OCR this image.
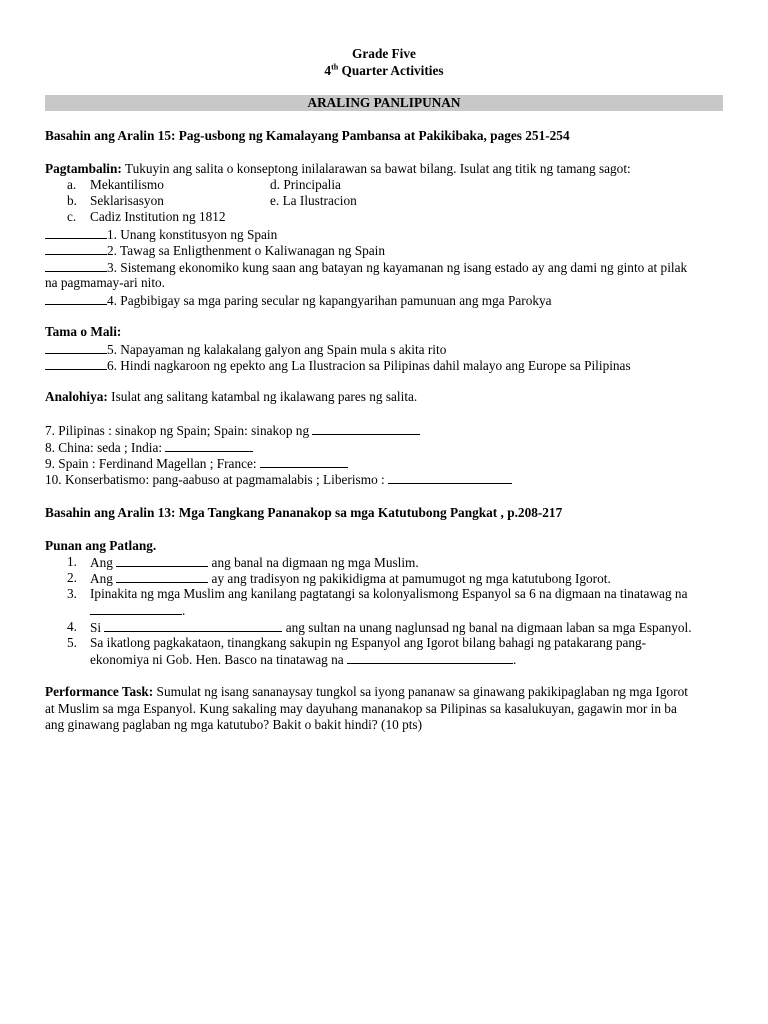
Grade Five
4th Quarter Activities
ARALING PANLIPUNAN
Basahin ang Aralin 15: Pag-usbong ng Kamalayang Pambansa at Pakikibaka, pages 251-254
Pagtambalin: Tukuyin ang salita o konseptong inilalarawan sa bawat bilang. Isulat ang titik ng tamang sagot:
a. Mekantilismo	d. Principalia
b. Seklarisasyon	e. La Ilustracion
c. Cadiz Institution ng 1812
1. Unang konstitusyon ng Spain
2. Tawag sa Enligthenment o Kaliwanagan ng Spain
3. Sistemang ekonomiko kung saan ang batayan ng kayamanan ng isang estado ay ang dami ng ginto at pilak
na pagmamay-ari nito.
4. Pagbibigay sa mga paring secular ng kapangyarihan pamunuan ang mga Parokya
Tama o Mali:
5. Napayaman ng kalakalang galyon ang Spain mula s akita rito
6. Hindi nagkaroon ng epekto ang La Ilustracion sa Pilipinas dahil malayo ang Europe sa Pilipinas
Analohiya: Isulat ang salitang katambal ng ikalawang pares ng salita.
7. Pilipinas : sinakop ng Spain; Spain: sinakop ng
8. China: seda ; India:
9. Spain : Ferdinand Magellan ; France:
10. Konserbatismo: pang-aabuso at pagmamalabis ; Liberismo :
Basahin ang Aralin 13: Mga Tangkang Pananakop sa mga Katutubong Pangkat , p.208-217
Punan ang Patlang.
1. Ang	ang banal na digmaan ng mga Muslim.
2. Ang	ay ang tradisyon ng pakikidigma at pamumugot ng mga katutubong Igorot.
3. Ipinakita ng mga Muslim ang kanilang pagtatangi sa kolonyalismong Espanyol sa 6 na digmaan na tinatawag na
.
4. Si	ang sultan na unang naglunsad ng banal na digmaan laban sa mga Espanyol.
5. Sa ikatlong pagkakataon, tinangkang sakupin ng Espanyol ang Igorot bilang bahagi ng patakarang pang-
ekonomiya ni Gob. Hen. Basco na tinatawag na	.
Performance Task: Sumulat ng isang sananaysay tungkol sa iyong pananaw sa ginawang pakikipaglaban ng mga Igorot
at Muslim sa mga Espanyol. Kung sakaling may dayuhang mananakop sa Pilipinas sa kasalukuyan, gagawin mor in ba
ang ginawang paglaban ng mga katutubo? Bakit o bakit hindi? (10 pts)
